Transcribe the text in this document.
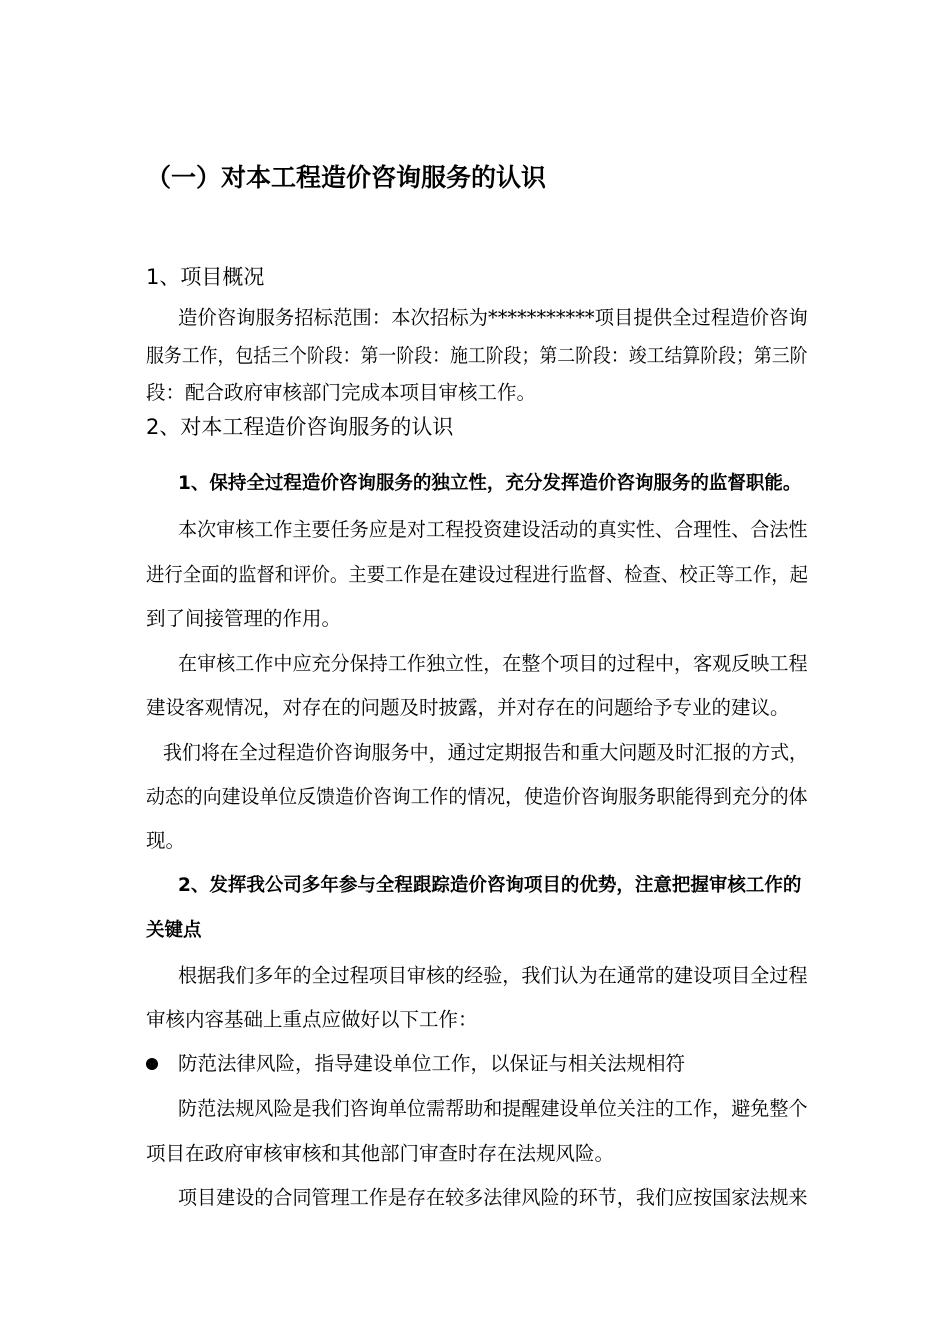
（一）对本工程造价咨询服务的认识
1、项目概况
造价咨询服务招标范围：本次招标为***********项目提供全过程造价咨询
服务工作，包括三个阶段：第一阶段：施工阶段；第二阶段：竣工结算阶段；第三阶
段：配合政府审核部门完成本项目审核工作。
2、对本工程造价咨询服务的认识
1、保持全过程造价咨询服务的独立性，充分发挥造价咨询服务的监督职能。
本次审核工作主要任务应是对工程投资建设活动的真实性、合理性、合法性
进行全面的监督和评价。主要工作是在建设过程进行监督、检查、校正等工作，起
到了间接管理的作用。
在审核工作中应充分保持工作独立性，在整个项目的过程中，客观反映工程
建设客观情况，对存在的问题及时披露，并对存在的问题给予专业的建议。
我们将在全过程造价咨询服务中，通过定期报告和重大问题及时汇报的方式，
动态的向建设单位反馈造价咨询工作的情况，使造价咨询服务职能得到充分的体
现。
2、发挥我公司多年参与全程跟踪造价咨询项目的优势，注意把握审核工作的
关键点
根据我们多年的全过程项目审核的经验，我们认为在通常的建设项目全过程
审核内容基础上重点应做好以下工作：
防范法律风险，指导建设单位工作，以保证与相关法规相符
防范法规风险是我们咨询单位需帮助和提醒建设单位关注的工作，避免整个
项目在政府审核审核和其他部门审查时存在法规风险。
项目建设的合同管理工作是存在较多法律风险的环节，我们应按国家法规来
